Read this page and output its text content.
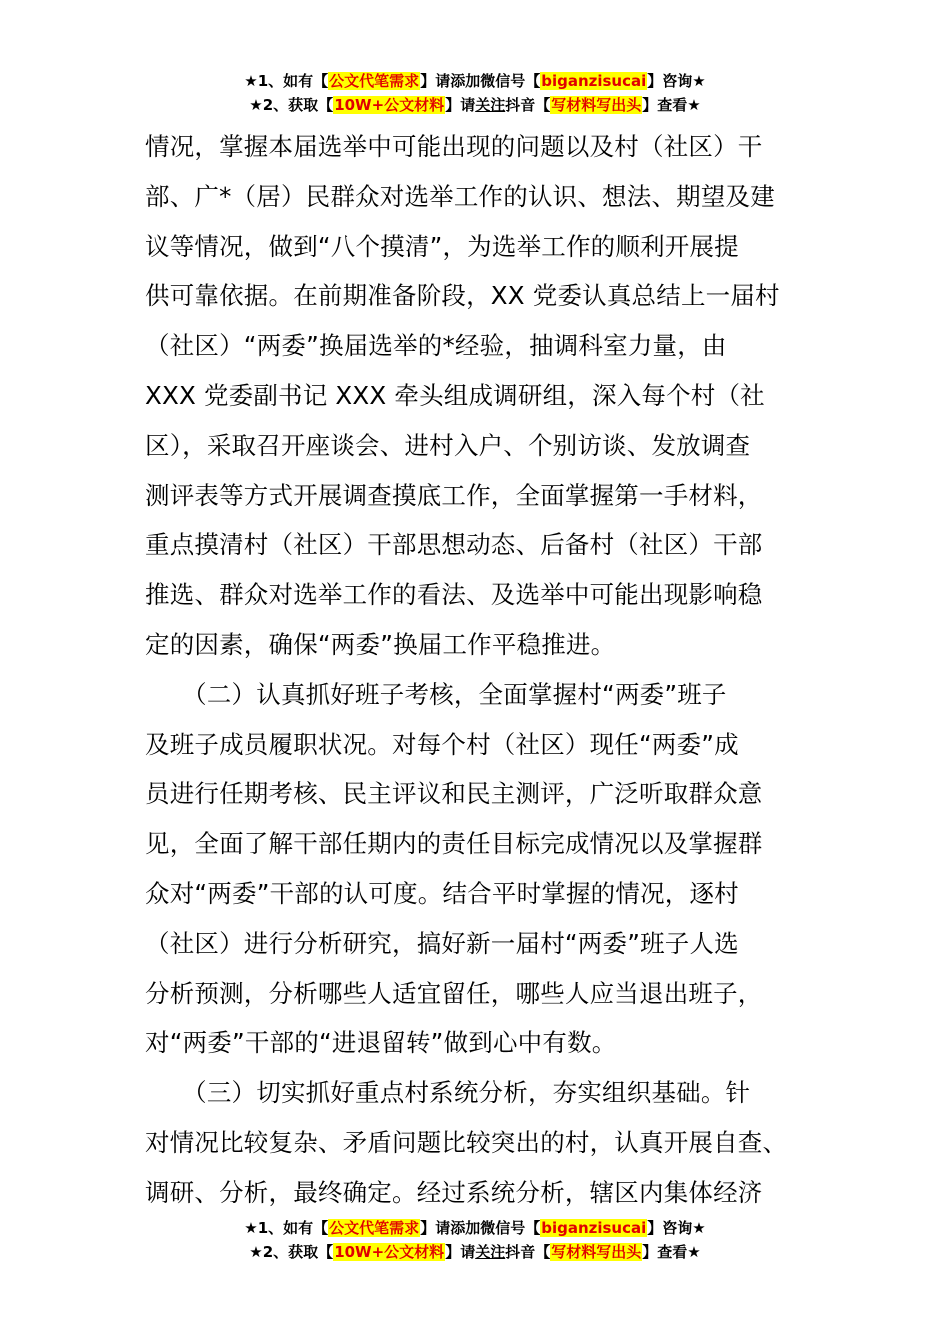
★1、如有【公文代笔需求】请添加微信号【biganzisucai】咨询★
★2、获取【10W+公文材料】请关注抖音【写材料写出头】查看★
情况，掌握本届选举中可能出现的问题以及村（社区）干
部、广*（居）民群众对选举工作的认识、想法、期望及建
议等情况，做到“八个摸清”，为选举工作的顺利开展提
供可靠依据。在前期准备阶段，XX 党委认真总结上一届村
（社区）“两委”换届选举的*经验，抽调科室力量，由
XXX 党委副书记 XXX 牵头组成调研组，深入每个村（社
区），采取召开座谈会、进村入户、个别访谈、发放调查
测评表等方式开展调查摸底工作，全面掌握第一手材料，
重点摸清村（社区）干部思想动态、后备村（社区）干部
推选、群众对选举工作的看法、及选举中可能出现影响稳
定的因素，确保“两委”换届工作平稳推进。
　　（二）认真抓好班子考核，全面掌握村“两委”班子
及班子成员履职状况。对每个村（社区）现任“两委”成
员进行任期考核、民主评议和民主测评，广泛听取群众意
见，全面了解干部任期内的责任目标完成情况以及掌握群
众对“两委”干部的认可度。结合平时掌握的情况，逐村
（社区）进行分析研究，搞好新一届村“两委”班子人选
分析预测，分析哪些人适宜留任，哪些人应当退出班子，
对“两委”干部的“进退留转”做到心中有数。
　　（三）切实抓好重点村系统分析，夯实组织基础。针
对情况比较复杂、矛盾问题比较突出的村，认真开展自查、
调研、分析，最终确定。经过系统分析，辖区内集体经济
★1、如有【公文代笔需求】请添加微信号【biganzisucai】咨询★
★2、获取【10W+公文材料】请关注抖音【写材料写出头】查看★
